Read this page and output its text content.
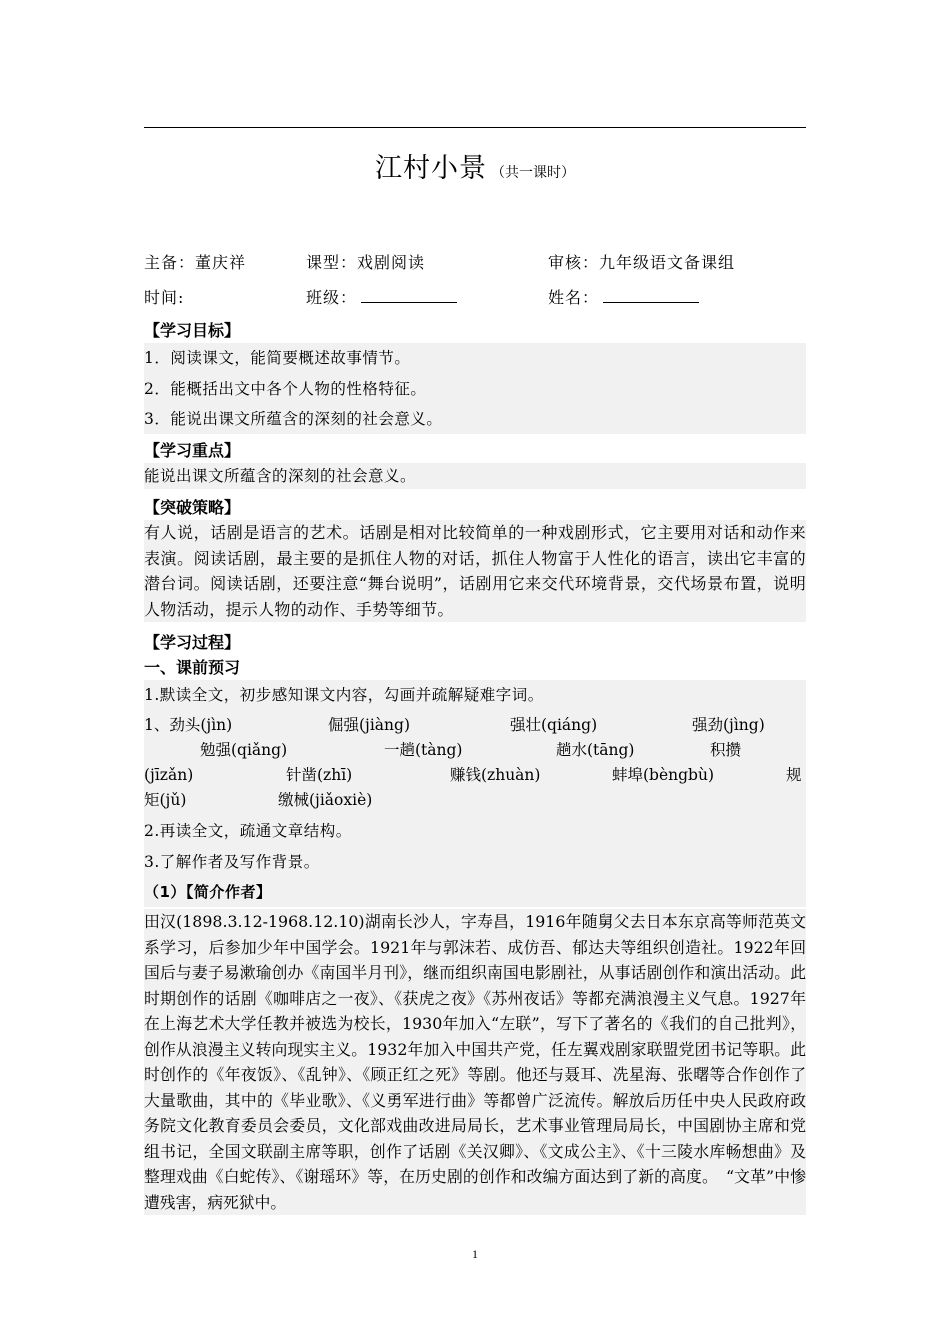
江村小景 （共一课时）
主备：董庆祥	课型：戏剧阅读	审核：九年级语文备课组
时间:	班级：	姓名：
【学习目标】
1．阅读课文，能简要概述故事情节。
2．能概括出文中各个人物的性格特征。
3．能说出课文所蕴含的深刻的社会意义。
【学习重点】
能说出课文所蕴含的深刻的社会意义。
【突破策略】
有人说，话剧是语言的艺术。话剧是相对比较简单的一种戏剧形式，它主要用对话和动作来表演。阅读话剧，最主要的是抓住人物的对话，抓住人物富于人性化的语言，读出它丰富的潜台词。阅读话剧，还要注意“舞台说明”，话剧用它来交代环境背景，交代场景布置，说明人物活动，提示人物的动作、手势等细节。
【学习过程】
一、课前预习
1.默读全文，初步感知课文内容，勾画并疏解疑难字词。
1、劲头(jìn)	倔强(jiàng)	强壮(qiáng)	强劲(jìng)
勉强(qiǎng)	一趟(tàng)	趟水(tāng)	积攒
(jīzǎn)	针凿(zhī)	赚钱(zhuàn)	蚌埠(bèngbù)	规
矩(jǔ)	缴械(jiǎoxiè)
2.再读全文，疏通文章结构。
3.了解作者及写作背景。
（1）【简介作者】
田汉(1898.3.12-1968.12.10)湖南长沙人，字寿昌，1916年随舅父去日本东京高等师范英文系学习，后参加少年中国学会。1921年与郭沫若、成仿吾、郁达夫等组织创造社。1922年回国后与妻子易漱瑜创办《南国半月刊》，继而组织南国电影剧社，从事话剧创作和演出活动。此时期创作的话剧《咖啡店之一夜》、《获虎之夜》《苏州夜话》等都充满浪漫主义气息。1927年在上海艺术大学任教并被选为校长，1930年加入“左联”，写下了著名的《我们的自己批判》，创作从浪漫主义转向现实主义。1932年加入中国共产党，任左翼戏剧家联盟党团书记等职。此时创作的《年夜饭》、《乱钟》、《顾正红之死》等剧。他还与聂耳、冼星海、张曙等合作创作了大量歌曲，其中的《毕业歌》、《义勇军进行曲》等都曾广泛流传。解放后历任中央人民政府政务院文化教育委员会委员，文化部戏曲改进局局长，艺术事业管理局局长，中国剧协主席和党组书记，全国文联副主席等职，创作了话剧《关汉卿》、《文成公主》、《十三陵水库畅想曲》及整理戏曲《白蛇传》、《谢瑶环》等，在历史剧的创作和改编方面达到了新的高度。　“文革”中惨遭残害，病死狱中。
1
